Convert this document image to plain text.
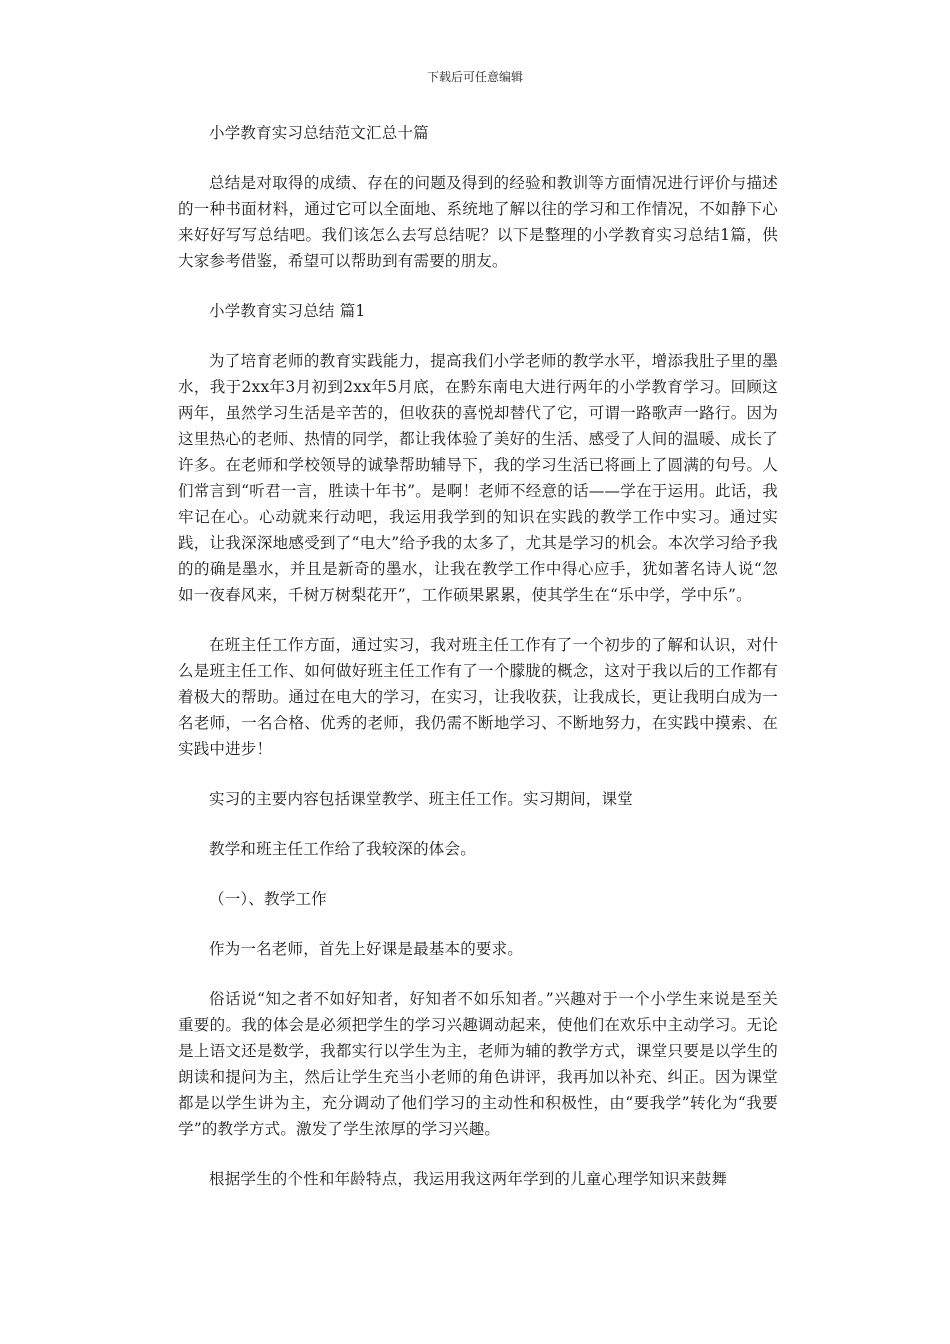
下载后可任意编辑

小学教育实习总结范文汇总十篇

总结是对取得的成绩、存在的问题及得到的经验和教训等方面情况进行评价与描述的一种书面材料，通过它可以全面地、系统地了解以往的学习和工作情况，不如静下心来好好写写总结吧。我们该怎么去写总结呢？以下是整理的小学教育实习总结1篇，供大家参考借鉴，希望可以帮助到有需要的朋友。

小学教育实习总结 篇1

为了培育老师的教育实践能力，提高我们小学老师的教学水平，增添我肚子里的墨水，我于2xx年3月初到2xx年5月底，在黔东南电大进行两年的小学教育学习。回顾这两年，虽然学习生活是辛苦的，但收获的喜悦却替代了它，可谓一路歌声一路行。因为这里热心的老师、热情的同学，都让我体验了美好的生活、感受了人间的温暖、成长了许多。在老师和学校领导的诚挚帮助辅导下，我的学习生活已将画上了圆满的句号。人们常言到“听君一言，胜读十年书”。是啊！老师不经意的话——学在于运用。此话，我牢记在心。心动就来行动吧，我运用我学到的知识在实践的教学工作中实习。通过实践，让我深深地感受到了“电大”给予我的太多了，尤其是学习的机会。本次学习给予我的的确是墨水，并且是新奇的墨水，让我在教学工作中得心应手，犹如著名诗人说“忽如一夜春风来，千树万树梨花开”，工作硕果累累，使其学生在“乐中学，学中乐”。

在班主任工作方面，通过实习，我对班主任工作有了一个初步的了解和认识，对什么是班主任工作、如何做好班主任工作有了一个朦胧的概念，这对于我以后的工作都有着极大的帮助。通过在电大的学习，在实习，让我收获，让我成长，更让我明白成为一名老师，一名合格、优秀的老师，我仍需不断地学习、不断地努力，在实践中摸索、在实践中进步！

实习的主要内容包括课堂教学、班主任工作。实习期间，课堂

教学和班主任工作给了我较深的体会。

（一）、教学工作

作为一名老师，首先上好课是最基本的要求。

俗话说“知之者不如好知者，好知者不如乐知者。”兴趣对于一个小学生来说是至关重要的。我的体会是必须把学生的学习兴趣调动起来，使他们在欢乐中主动学习。无论是上语文还是数学，我都实行以学生为主，老师为辅的教学方式，课堂只要是以学生的朗读和提问为主，然后让学生充当小老师的角色讲评，我再加以补充、纠正。因为课堂都是以学生讲为主，充分调动了他们学习的主动性和积极性，由“要我学”转化为“我要学”的教学方式。激发了学生浓厚的学习兴趣。

根据学生的个性和年龄特点，我运用我这两年学到的儿童心理学知识来鼓舞
